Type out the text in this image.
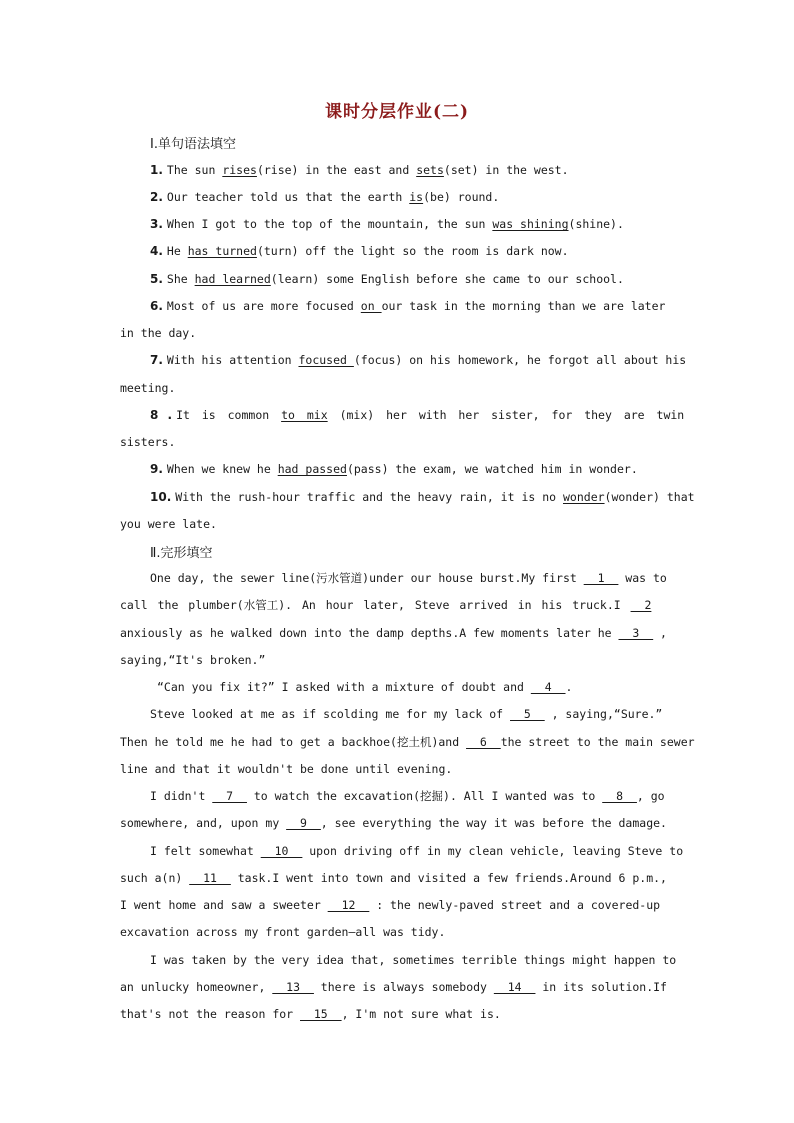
课时分层作业(二)
Ⅰ.单句语法填空
1. The sun rises(rise) in the east and sets(set) in the west.
2. Our teacher told us that the earth is(be) round.
3. When I got to the top of the mountain, the sun was shining(shine).
4. He has turned(turn) off the light so the room is dark now.
5. She had learned(learn) some English before she came to our school.
6. Most of us are more focused on our task in the morning than we are later
in the day.
7. With his attention focused (focus) on his homework, he forgot all about his
meeting.
8 . It is common to mix (mix) her with her sister, for they are twin
sisters.
9. When we knew he had passed(pass) the exam, we watched him in wonder.
10. With the rush-hour traffic and the heavy rain, it is no wonder(wonder) that
you were late.
Ⅱ.完形填空
One day, the sewer line(污水管道)under our house burst.My first __1__ was to
call the plumber(水管工). An hour later, Steve arrived in his truck.I __2
anxiously as he walked down into the damp depths.A few moments later he __3__ ,
saying,“It's broken.”
“Can you fix it?” I asked with a mixture of doubt and __4__.
Steve looked at me as if scolding me for my lack of __5__ , saying,“Sure.”
Then he told me he had to get a backhoe(挖土机)and __6__the street to the main sewer
line and that it wouldn't be done until evening.
I didn't __7__ to watch the excavation(挖掘). All I wanted was to __8__, go
somewhere, and, upon my __9__, see everything the way it was before the damage.
I felt somewhat __10__ upon driving off in my clean vehicle, leaving Steve to
such a(n) __11__ task.I went into town and visited a few friends.Around 6 p.m.,
I went home and saw a sweeter __12__ : the newly-paved street and a covered-up
excavation across my front garden—all was tidy.
I was taken by the very idea that, sometimes terrible things might happen to
an unlucky homeowner, __13__ there is always somebody __14__ in its solution.If
that's not the reason for __15__, I'm not sure what is.
